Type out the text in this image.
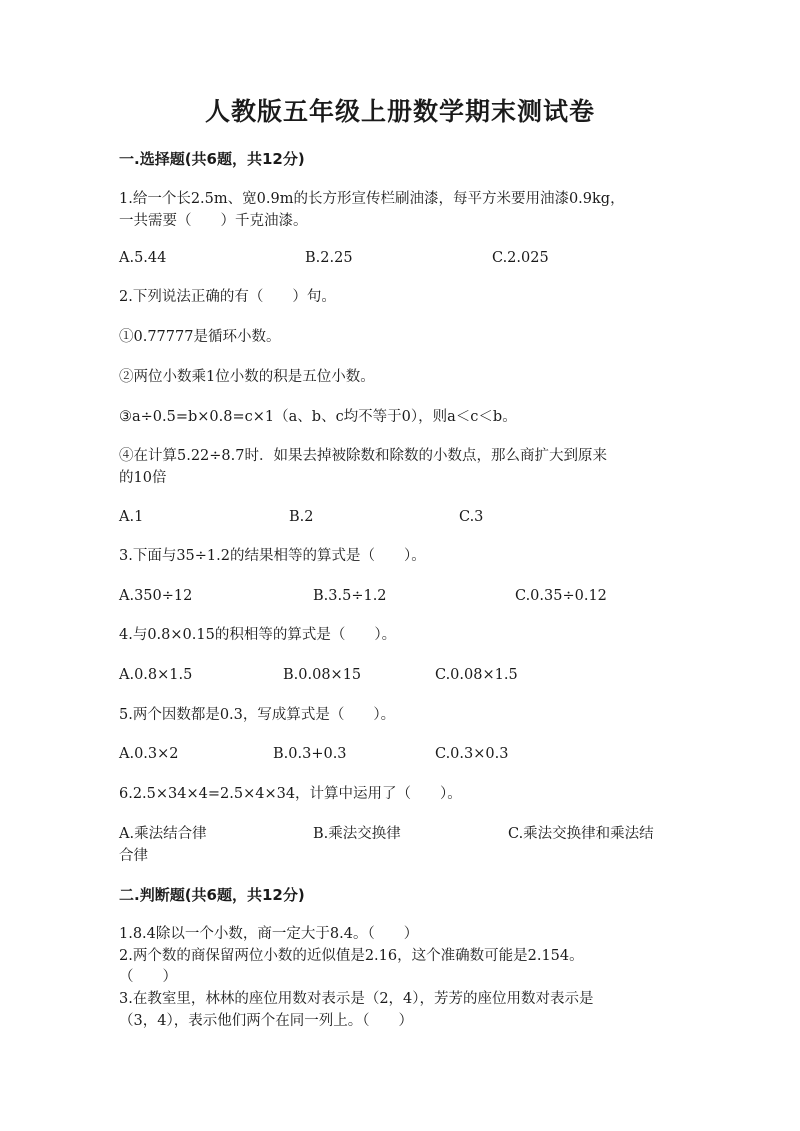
人教版五年级上册数学期末测试卷
一.选择题(共6题，共12分)
1.给一个长2.5m、宽0.9m的长方形宣传栏刷油漆，每平方米要用油漆0.9kg，
一共需要（　　）千克油漆。
A.5.44	B.2.25	C.2.025
2.下列说法正确的有（　　）句。
①0.77777是循环小数。
②两位小数乘1位小数的积是五位小数。
③a÷0.5=b×0.8=c×1（a、b、c均不等于0），则a＜c＜b。
④在计算5.22÷8.7时．如果去掉被除数和除数的小数点，那么商扩大到原来
的10倍
A.1	B.2	C.3
3.下面与35÷1.2的结果相等的算式是（　　）。
A.350÷12	B.3.5÷1.2	C.0.35÷0.12
4.与0.8×0.15的积相等的算式是（　　）。
A.0.8×1.5	B.0.08×15	C.0.08×1.5
5.两个因数都是0.3，写成算式是（　　）。
A.0.3×2	B.0.3+0.3	C.0.3×0.3
6.2.5×34×4=2.5×4×34，计算中运用了（　　）。
A.乘法结合律	B.乘法交换律	C.乘法交换律和乘法结
合律
二.判断题(共6题，共12分)
1.8.4除以一个小数，商一定大于8.4。（　　）
2.两个数的商保留两位小数的近似值是2.16，这个准确数可能是2.154。
（　　）
3.在教室里，林林的座位用数对表示是（2，4），芳芳的座位用数对表示是
（3，4），表示他们两个在同一列上。（　　）
